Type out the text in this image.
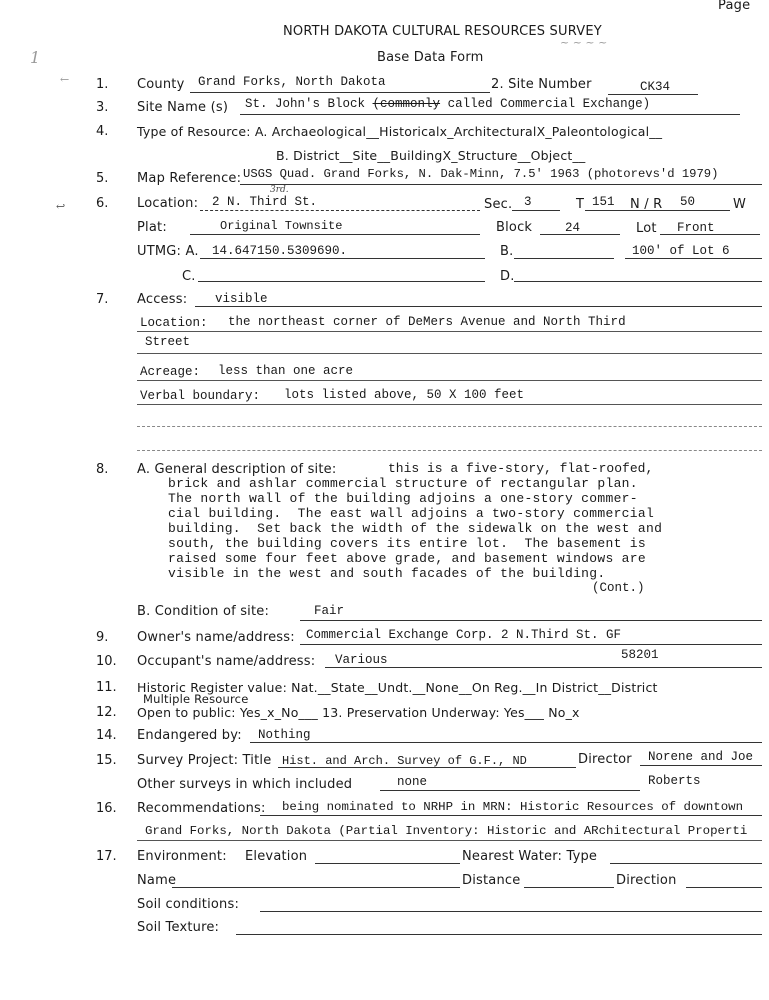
Page
NORTH DAKOTA CULTURAL RESOURCES SURVEY
Base Data Form
~ ~ ~ ~
1
←
↩
1. County Grand Forks, North Dakota	2. Site Number	CK34
3. Site Name (s) St. John's Block (commonly called Commercial Exchange)
4. Type of Resource: A. Archaeological__Historicalx_ArchitecturalX_Paleontological__
B. District__Site__BuildingX_Structure__Object__
5. Map Reference: USGS Quad. Grand Forks, N. Dak-Minn, 7.5' 1963 (photorevs'd 1979)
6. Location:
3rd.
2 N. Third St.	Sec. 3	T 151 N / R 50	W
Plat:	Original Townsite	Block	24	Lot Front
UTMG: A. 14.647150.5309690.	B.	100' of Lot 6
C.	D.
7. Access: visible
Location: the northeast corner of DeMers Avenue and North Third
Street
Acreage: less than one acre
Verbal boundary: lots listed above, 50 X 100 feet
8. A. General description of site:	this is a five-story, flat-roofed,
brick and ashlar commercial structure of rectangular plan.
The north wall of the building adjoins a one-story commer-
cial building.  The east wall adjoins a two-story commercial
building.  Set back the width of the sidewalk on the west and
south, the building covers its entire lot.  The basement is
raised some four feet above grade, and basement windows are
visible in the west and south facades of the building.
(Cont.)
B. Condition of site:	Fair
9. Owner's name/address: Commercial Exchange Corp. 2 N.Third St. GF
10. Occupant's name/address: Various	58201
11. Historic Register value: Nat.__State__Undt.__None__On Reg.__In District__District
Multiple Resource
12. Open to public: Yes_x_No___ 13. Preservation Underway: Yes___ No_x
14. Endangered by: Nothing
15. Survey Project: Title Hist. and Arch. Survey of G.F., ND	Director Norene and Joe
Other surveys in which included	none	Roberts
16. Recommendations: being nominated to NRHP in MRN: Historic Resources of downtown
Grand Forks, North Dakota (Partial Inventory: Historic and ARchitectural Properti
17. Environment: Elevation	Nearest Water: Type
Name	Distance	Direction
Soil conditions:
Soil Texture:
